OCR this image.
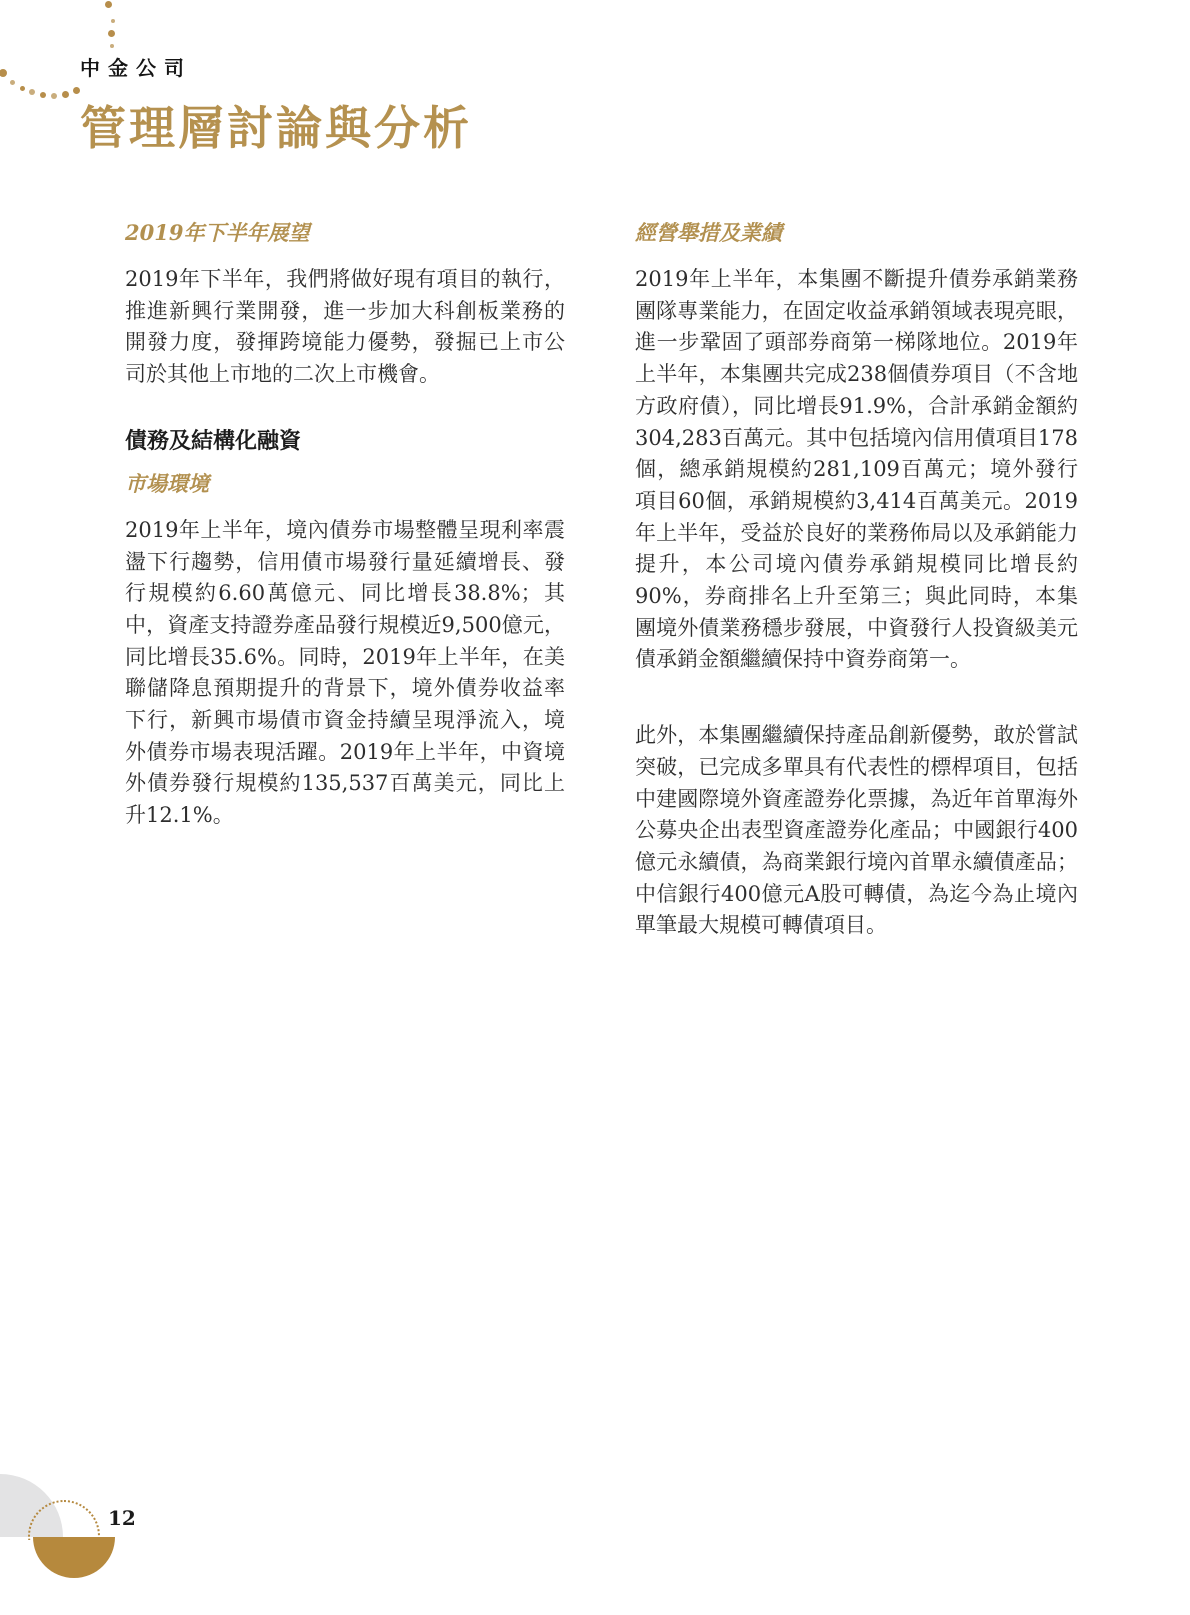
中金公司
管理層討論與分析
2019年下半年展望

2019年下半年，我們將做好現有項目的執行，推進新興行業開發，進一步加大科創板業務的開發力度，發揮跨境能力優勢，發掘已上市公司於其他上市地的二次上市機會。

債務及結構化融資
市場環境

2019年上半年，境內債券市場整體呈現利率震盪下行趨勢，信用債市場發行量延續增長、發行規模約6.60萬億元、同比增長38.8%；其中，資產支持證券產品發行規模近9,500億元，同比增長35.6%。同時，2019年上半年，在美聯儲降息預期提升的背景下，境外債券收益率下行，新興市場債市資金持續呈現淨流入，境外債券市場表現活躍。2019年上半年，中資境外債券發行規模約135,537百萬美元，同比上升12.1%。

經營舉措及業績

2019年上半年，本集團不斷提升債券承銷業務團隊專業能力，在固定收益承銷領域表現亮眼，進一步鞏固了頭部券商第一梯隊地位。2019年上半年，本集團共完成238個債券項目（不含地方政府債），同比增長91.9%，合計承銷金額約304,283百萬元。其中包括境內信用債項目178個，總承銷規模約281,109百萬元；境外發行項目60個，承銷規模約3,414百萬美元。2019年上半年，受益於良好的業務佈局以及承銷能力提升，本公司境內債券承銷規模同比增長約90%，券商排名上升至第三；與此同時，本集團境外債業務穩步發展，中資發行人投資級美元債承銷金額繼續保持中資券商第一。

此外，本集團繼續保持產品創新優勢，敢於嘗試突破，已完成多單具有代表性的標桿項目，包括中建國際境外資產證券化票據，為近年首單海外公募央企出表型資產證券化產品；中國銀行400億元永續債，為商業銀行境內首單永續債產品；中信銀行400億元A股可轉債，為迄今為止境內單筆最大規模可轉債項目。

12
